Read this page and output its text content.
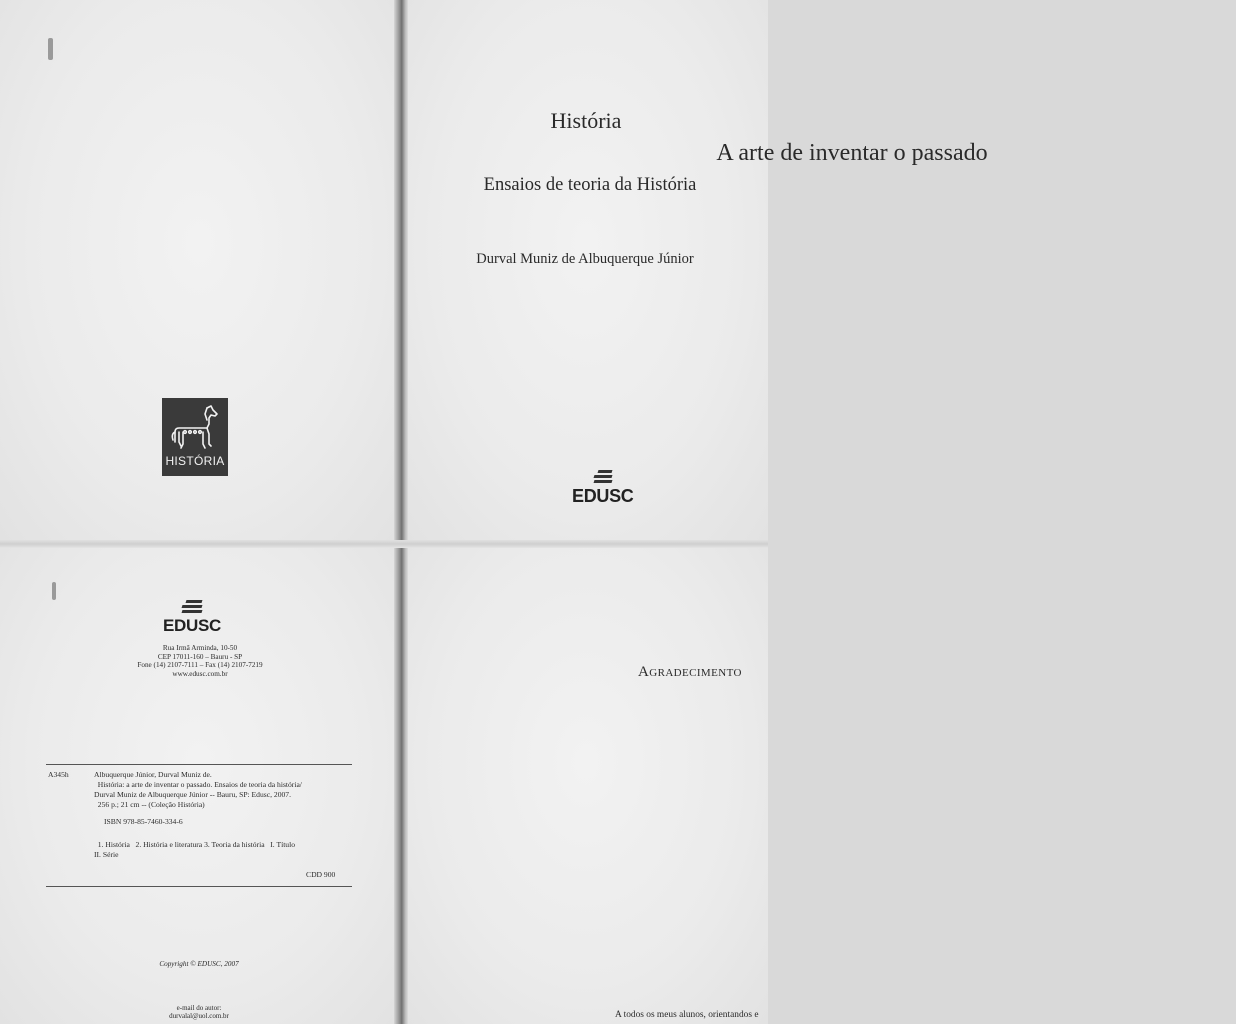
HISTÓRIA
História
A arte de inventar o passado
Ensaios de teoria da História
Durval Muniz de Albuquerque Júnior
EDUSC
EDUSC
Rua Irmã Arminda, 10-50
CEP 17011-160 – Bauru - SP
Fone (14) 2107-7111 – Fax (14) 2107-7219
www.edusc.com.br
A345h	Albuquerque Júnior, Durval Muniz de.
História: a arte de inventar o passado. Ensaios de teoria da história/
Durval Muniz de Albuquerque Júnior -- Bauru, SP: Edusc, 2007.
256 p.; 21 cm -- (Coleção História)
ISBN 978-85-7460-334-6
1. História   2. História e literatura 3. Teoria da história   I. Título
II. Série
CDD 900
Copyright © EDUSC, 2007
e-mail do autor:
durvalal@uol.com.br
Agradecimento
A todos os meus alunos, orientandos e
